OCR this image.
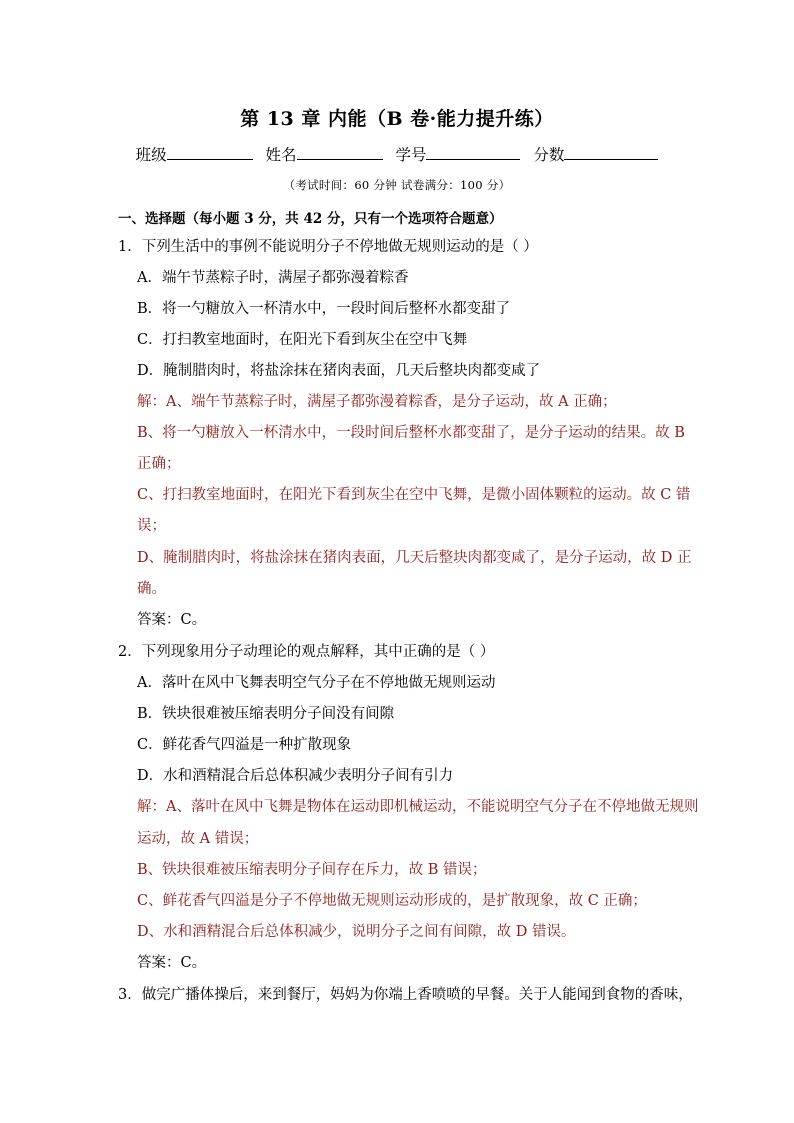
第 13 章 内能（B 卷·能力提升练）
班级	姓名	学号	分数
（考试时间：60 分钟 试卷满分：100 分）
一、选择题（每小题 3 分，共 42 分，只有一个选项符合题意）
1．下列生活中的事例不能说明分子不停地做无规则运动的是（ ）
A．端午节蒸粽子时，满屋子都弥漫着粽香
B．将一勺糖放入一杯清水中，一段时间后整杯水都变甜了
C．打扫教室地面时，在阳光下看到灰尘在空中飞舞
D．腌制腊肉时，将盐涂抹在猪肉表面，几天后整块肉都变咸了
解：A、端午节蒸粽子时，满屋子都弥漫着粽香，是分子运动，故 A 正确；
B、将一勺糖放入一杯清水中，一段时间后整杯水都变甜了，是分子运动的结果。故 B
正确；
C、打扫教室地面时，在阳光下看到灰尘在空中飞舞，是微小固体颗粒的运动。故 C 错
误；
D、腌制腊肉时，将盐涂抹在猪肉表面，几天后整块肉都变咸了，是分子运动，故 D 正
确。
答案：C。
2．下列现象用分子动理论的观点解释，其中正确的是（ ）
A．落叶在风中飞舞表明空气分子在不停地做无规则运动
B．铁块很难被压缩表明分子间没有间隙
C．鲜花香气四溢是一种扩散现象
D．水和酒精混合后总体积减少表明分子间有引力
解：A、落叶在风中飞舞是物体在运动即机械运动，不能说明空气分子在不停地做无规则
运动，故 A 错误；
B、铁块很难被压缩表明分子间存在斥力，故 B 错误；
C、鲜花香气四溢是分子不停地做无规则运动形成的，是扩散现象，故 C 正确；
D、水和酒精混合后总体积减少，说明分子之间有间隙，故 D 错误。
答案：C。
3．做完广播体操后，来到餐厅，妈妈为你端上香喷喷的早餐。关于人能闻到食物的香味，
